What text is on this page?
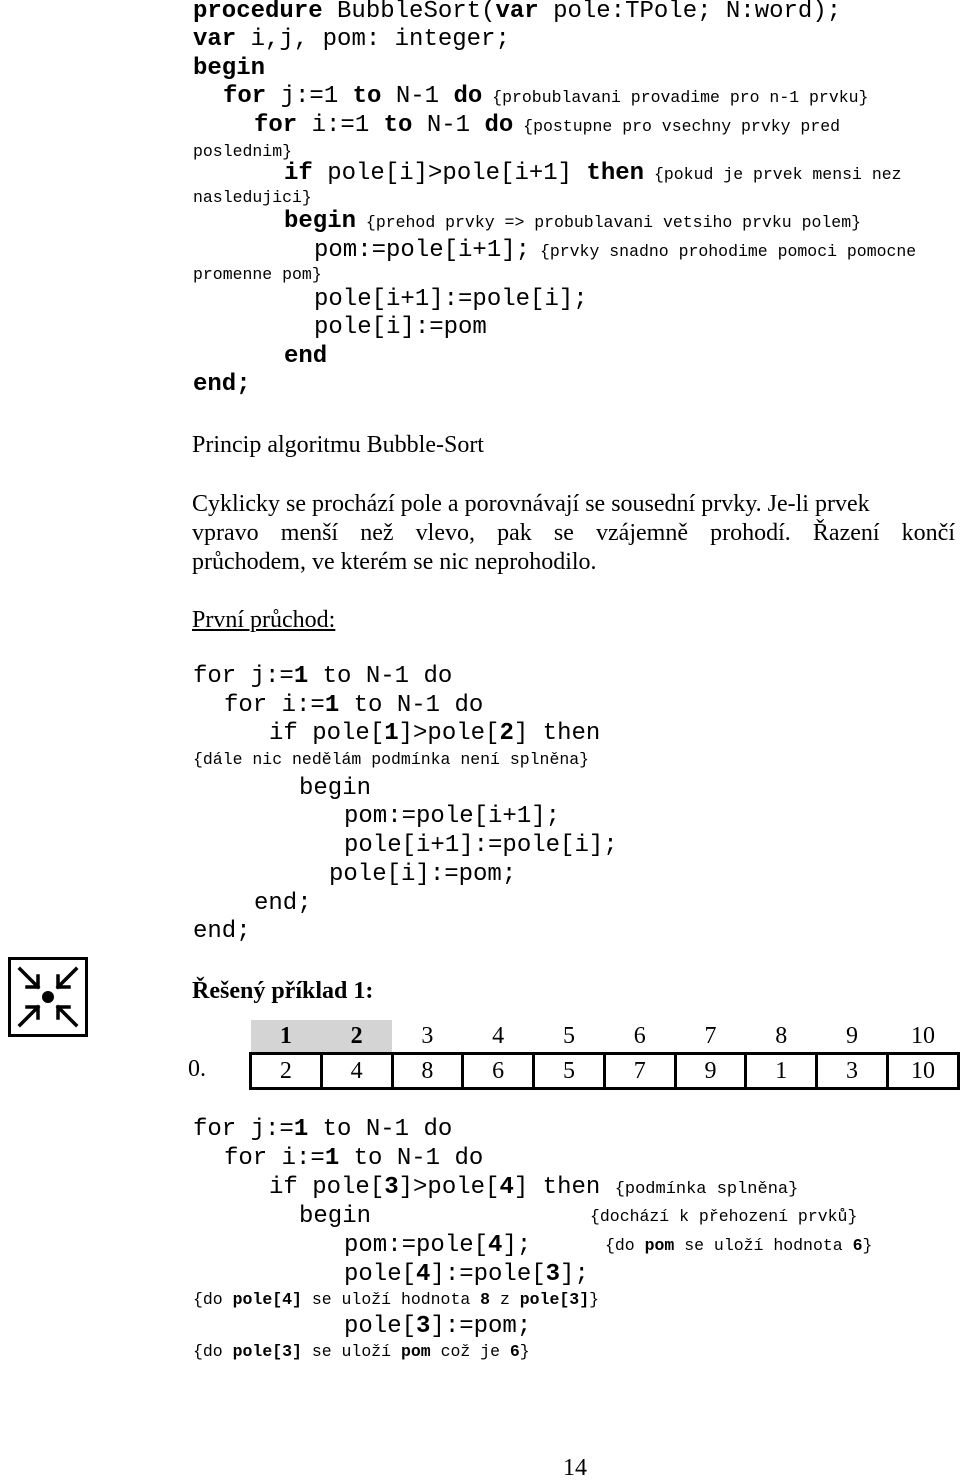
procedure BubbleSort(var pole:TPole; N:word);
var i,j, pom: integer;
begin
for j:=1 to N-1 do {probublavani provadime pro n-1 prvku}
for i:=1 to N-1 do {postupne pro vsechny prvky pred
poslednim}
if pole[i]>pole[i+1] then {pokud je prvek mensi nez
nasledujici}
begin {prehod prvky => probublavani vetsiho prvku polem}
pom:=pole[i+1]; {prvky snadno prohodime pomoci pomocne
promenne pom}
pole[i+1]:=pole[i];
pole[i]:=pom
end
end;
Princip algoritmu Bubble-Sort
Cyklicky se prochází pole a porovnávají se sousední prvky. Je-li prvek
vpravo menší než vlevo, pak se vzájemně prohodí. Řazení končí
průchodem, ve kterém se nic neprohodilo.
První průchod:
for j:=1 to N-1 do
for i:=1 to N-1 do
if pole[1]>pole[2] then
{dále nic nedělám podmínka není splněna}
begin
pom:=pole[i+1];
pole[i+1]:=pole[i];
pole[i]:=pom;
end;
end;
Řešený příklad 1:
0.
1	2	3	4	5	6	7	8	9	10
2	4	8	6	5	7	9	1	3	10
for j:=1 to N-1 do
for i:=1 to N-1 do
if pole[3]>pole[4] then {podmínka splněna}
begin	{dochází k přehození prvků}
pom:=pole[4];	{do pom se uloží hodnota 6}
pole[4]:=pole[3];
{do pole[4] se uloží hodnota 8 z pole[3]}
pole[3]:=pom;
{do pole[3] se uloží pom což je 6}
14
